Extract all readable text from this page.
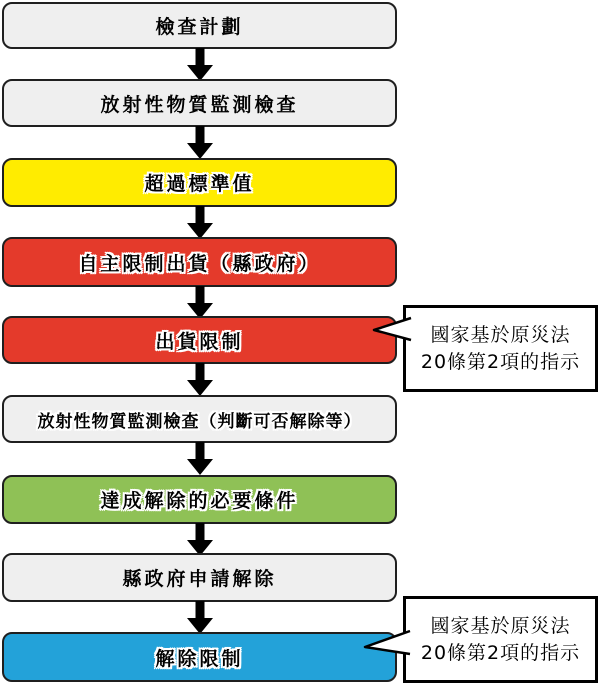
檢查計劃
放射性物質監測檢查
超過標準值
自主限制出貨（縣政府）
出貨限制
放射性物質監測檢查（判斷可否解除等）
達成解除的必要條件
縣政府申請解除
解除限制
國家基於原災法
20條第2項的指示
國家基於原災法
20條第2項的指示
